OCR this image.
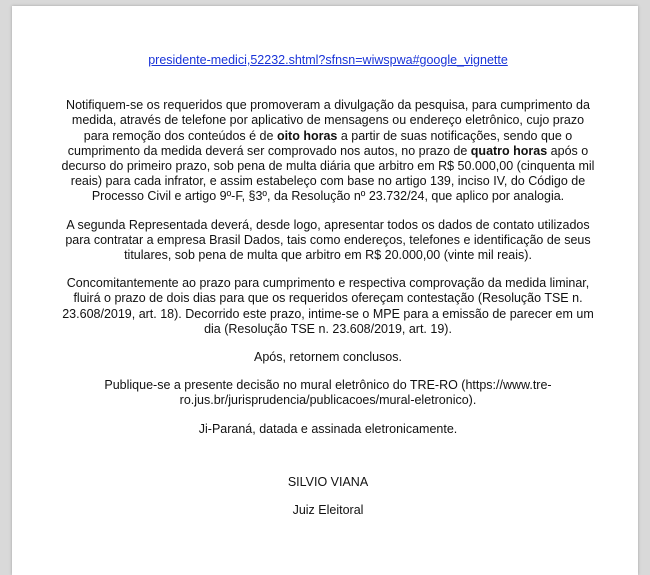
presidente-medici,52232.shtml?sfnsn=wiwspwa#google_vignette

Notifiquem-se os requeridos que promoveram a divulgação da pesquisa, para cumprimento da medida, através de telefone por aplicativo de mensagens ou endereço eletrônico, cujo prazo para remoção dos conteúdos é de oito horas a partir de suas notificações, sendo que o cumprimento da medida deverá ser comprovado nos autos, no prazo de quatro horas após o decurso do primeiro prazo, sob pena de multa diária que arbitro em R$ 50.000,00 (cinquenta mil reais) para cada infrator, e assim estabeleço com base no artigo 139, inciso IV, do Código de Processo Civil e artigo 9º-F, §3º, da Resolução nº 23.732/24, que aplico por analogia.

A segunda Representada deverá, desde logo, apresentar todos os dados de contato utilizados para contratar a empresa Brasil Dados, tais como endereços, telefones e identificação de seus titulares, sob pena de multa que arbitro em R$ 20.000,00 (vinte mil reais).

Concomitantemente ao prazo para cumprimento e respectiva comprovação da medida liminar, fluirá o prazo de dois dias para que os requeridos ofereçam contestação (Resolução TSE n. 23.608/2019, art. 18). Decorrido este prazo, intime-se o MPE para a emissão de parecer em um dia (Resolução TSE n. 23.608/2019, art. 19).

Após, retornem conclusos.

Publique-se a presente decisão no mural eletrônico do TRE-RO (https://www.tre-ro.jus.br/jurisprudencia/publicacoes/mural-eletronico).

Ji-Paraná, datada e assinada eletronicamente.

SILVIO VIANA
Juiz Eleitoral
